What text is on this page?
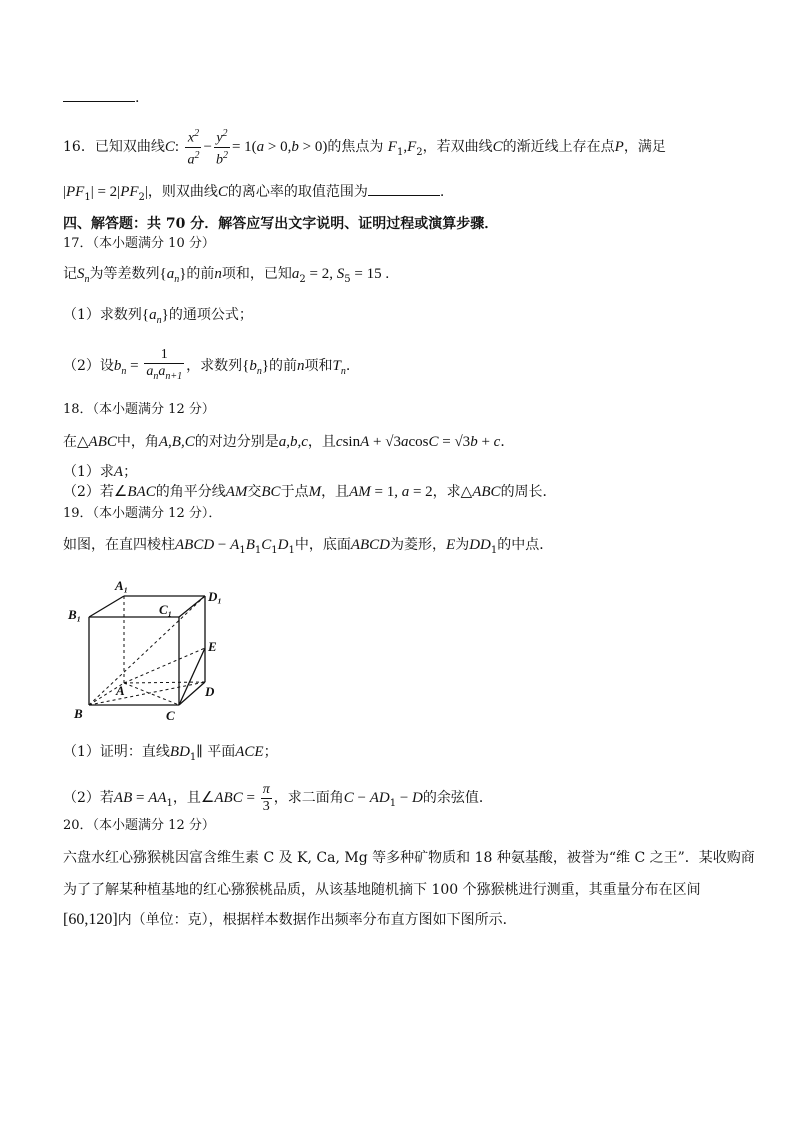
.
16．已知双曲线C: $\frac{x^2}{a^2} - \frac{y^2}{b^2} = 1(a > 0,b > 0)$的焦点为 $F_1,F_2$，若双曲线C的渐近线上存在点P，满足
$|PF_1| = 2|PF_2|$，则双曲线C的离心率的取值范围为	.
四、解答题：共 70 分．解答应写出文字说明、证明过程或演算步骤．
17．（本小题满分 10 分）
记$S_n$为等差数列$\{a_n\}$的前n项和，已知$a_2 = 2$, $S_5 = 15$ .
（1）求数列$\{a_n\}$的通项公式；
（2）设$b_n = \frac{1}{a_na_{n+1}}$ ，求数列$\{b_n\}$的前n项和$T_n$.
18．（本小题满分 12 分）
在△ABC中，角A,B,C的对边分别是a,b,c，且csinA + √3acosC = √3b + c．
（1）求A；
（2）若∠BAC的角平分线AM交BC于点M，且AM = 1, a = 2，求△ABC的周长．
19．（本小题满分 12 分）．
如图，在直四棱柱ABCD − $A_1B_1C_1D_1$中，底面ABCD为菱形，E为$DD_1$的中点．
A₁
B₁	C₁
D₁
E
A
B	C
D
（1）证明：直线$BD_1\parallel$ 平面ACE；
（2）若AB = $AA_1$，且∠ABC = $\frac{\pi}{3}$ ，求二面角$C - AD_1 - D$的余弦值．
20．（本小题满分 12 分）
六盘水红心猕猴桃因富含维生素 C 及 K, Ca, Mg 等多种矿物质和 18 种氨基酸，被誉为“维 C 之王”．某收购商
为了了解某种植基地的红心猕猴桃品质，从该基地随机摘下 100 个猕猴桃进行测重，其重量分布在区间
[60,120]内（单位：克），根据样本数据作出频率分布直方图如下图所示．
